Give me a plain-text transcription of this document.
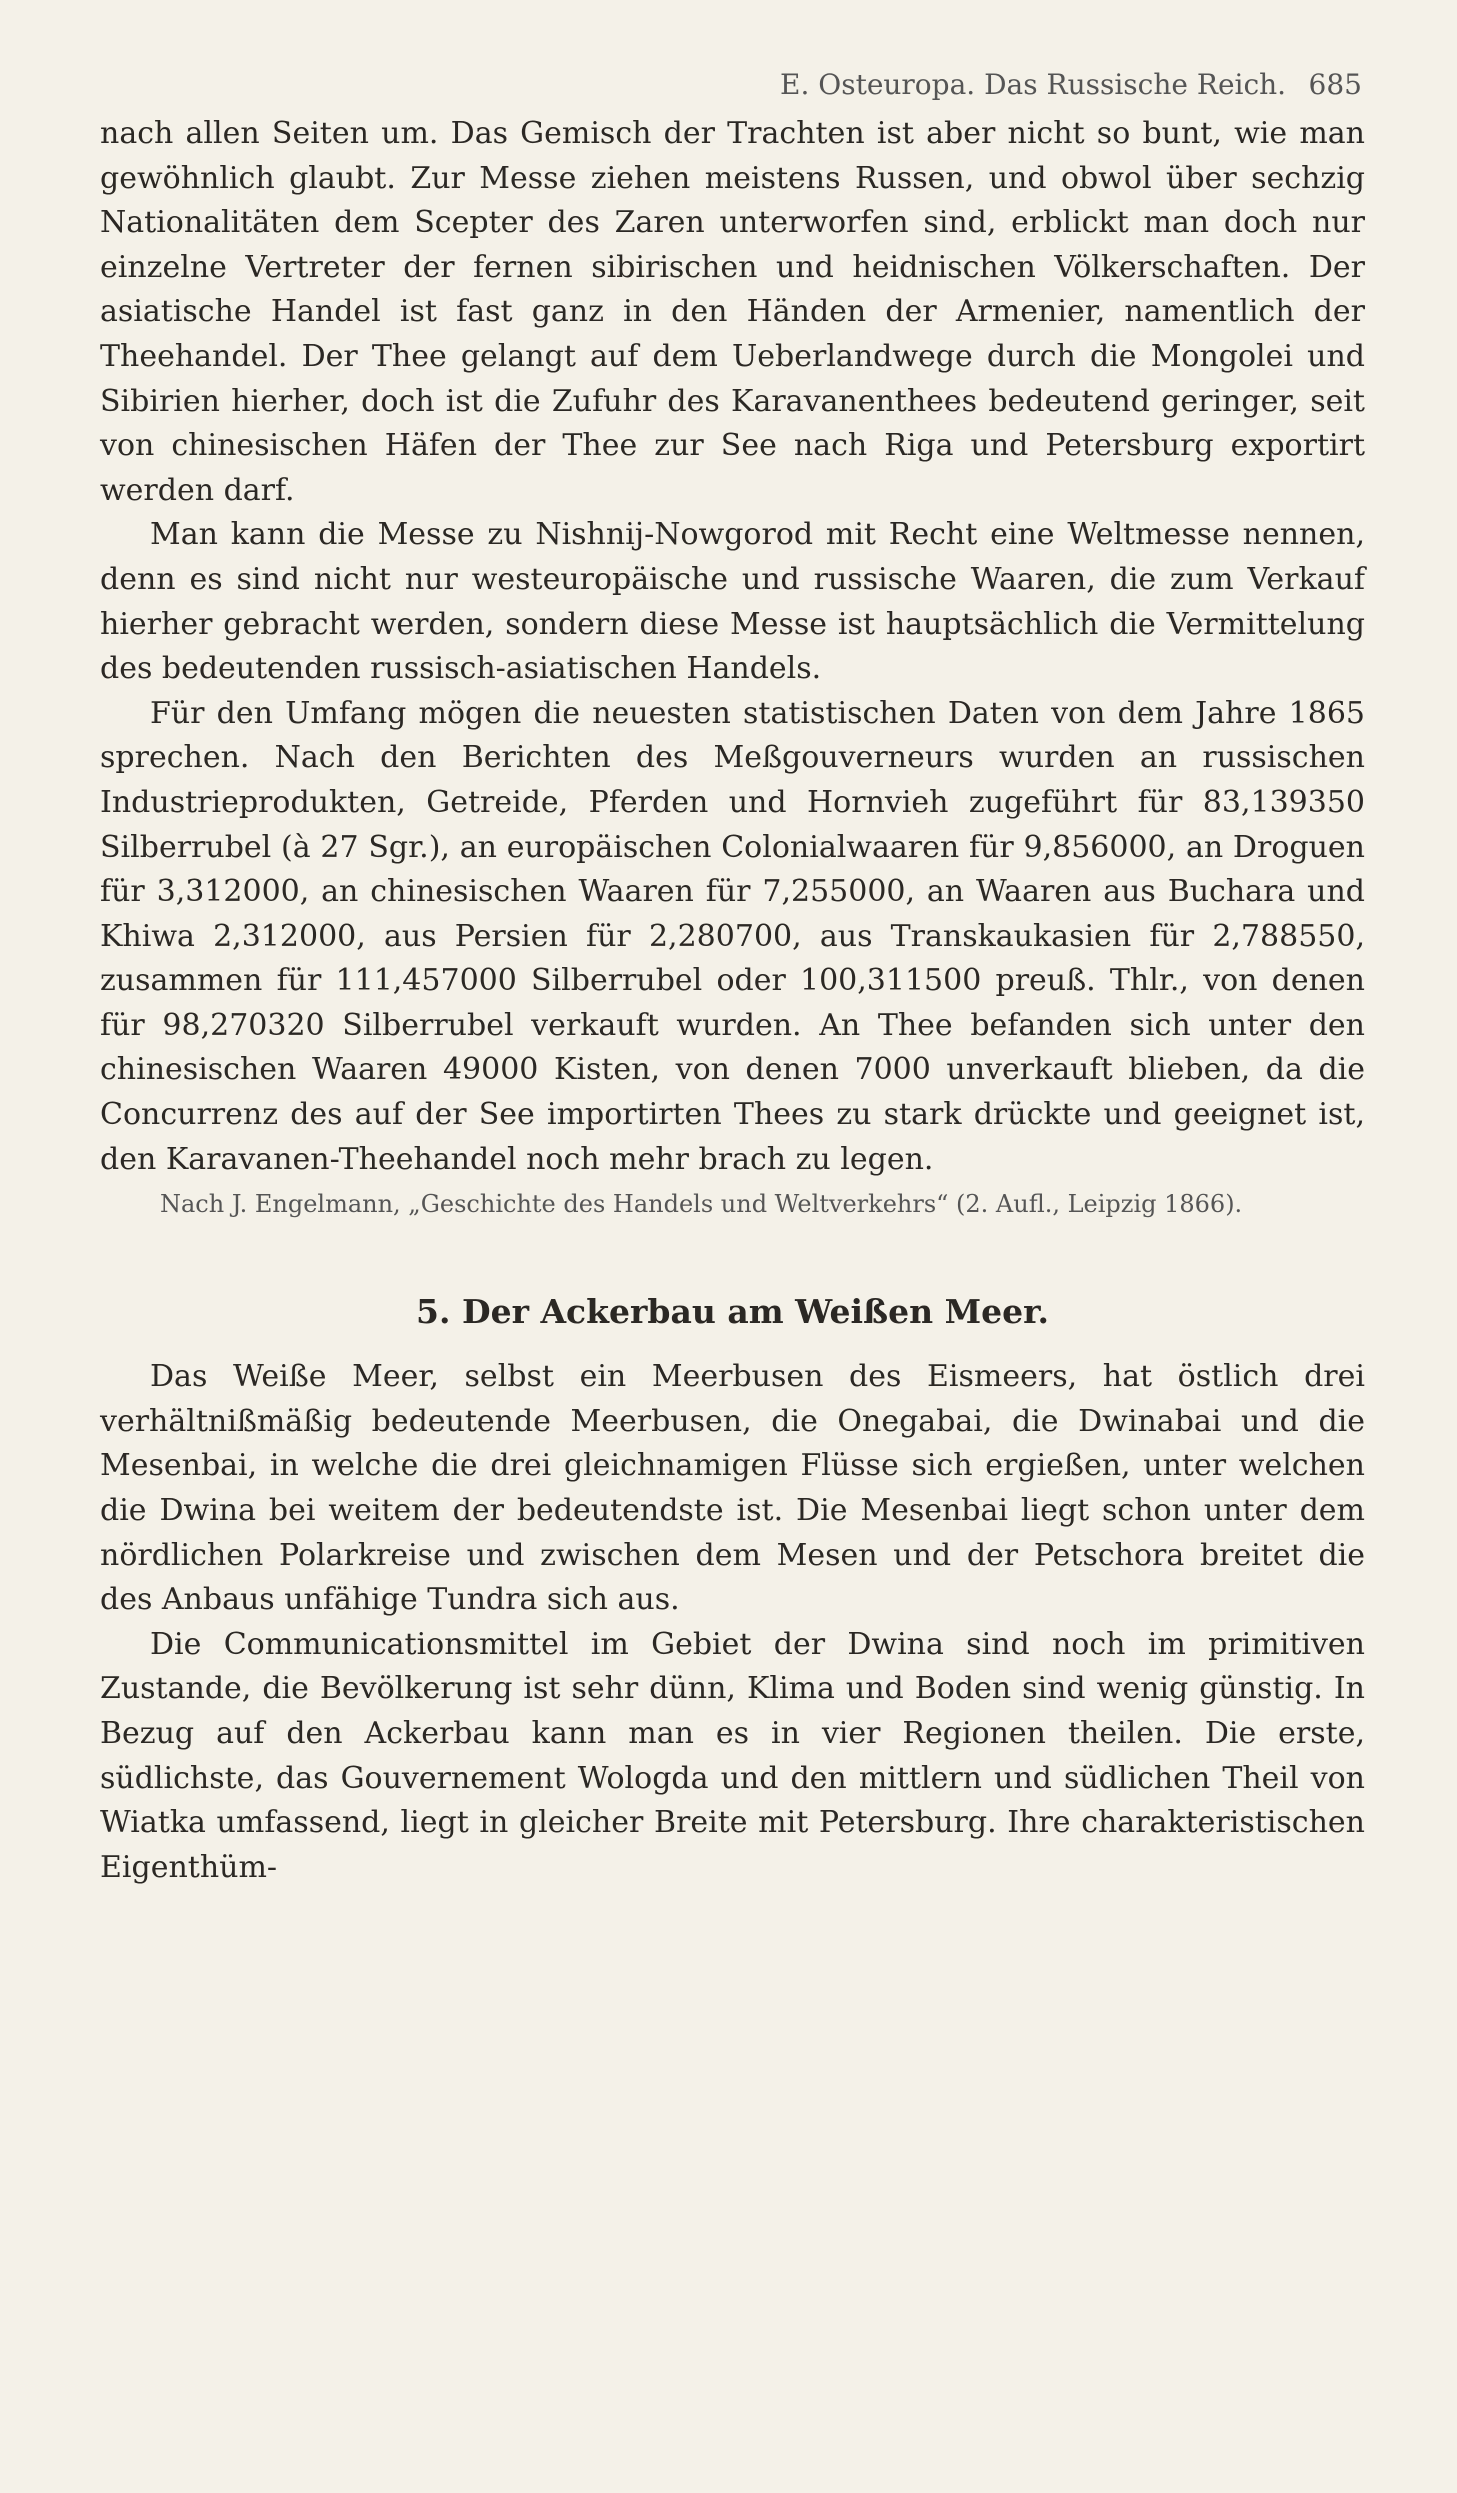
E. Osteuropa. Das Russische Reich. 685

nach allen Seiten um. Das Gemisch der Trachten ist aber nicht so bunt, wie man gewöhnlich glaubt. Zur Messe ziehen meistens Russen, und obwol über sechzig Nationalitäten dem Scepter des Zaren unterworfen sind, erblickt man doch nur einzelne Vertreter der fernen sibirischen und heidnischen Völkerschaften. Der asiatische Handel ist fast ganz in den Händen der Armenier, namentlich der Theehandel. Der Thee gelangt auf dem Ueberlandwege durch die Mongolei und Sibirien hierher, doch ist die Zufuhr des Karavanenthees bedeutend geringer, seit von chinesischen Häfen der Thee zur See nach Riga und Petersburg exportirt werden darf.

Man kann die Messe zu Nishnij-Nowgorod mit Recht eine Weltmesse nennen, denn es sind nicht nur westeuropäische und russische Waaren, die zum Verkauf hierher gebracht werden, sondern diese Messe ist hauptsächlich die Vermittelung des bedeutenden russisch-asiatischen Handels.

Für den Umfang mögen die neuesten statistischen Daten von dem Jahre 1865 sprechen. Nach den Berichten des Meßgouverneurs wurden an russischen Industrieprodukten, Getreide, Pferden und Hornvieh zugeführt für 83,139350 Silberrubel (à 27 Sgr.), an europäischen Colonialwaaren für 9,856000, an Droguen für 3,312000, an chinesischen Waaren für 7,255000, an Waaren aus Buchara und Khiwa 2,312000, aus Persien für 2,280700, aus Transkaukasien für 2,788550, zusammen für 111,457000 Silberrubel oder 100,311500 preuß. Thlr., von denen für 98,270320 Silberrubel verkauft wurden. An Thee befanden sich unter den chinesischen Waaren 49000 Kisten, von denen 7000 unverkauft blieben, da die Concurrenz des auf der See importirten Thees zu stark drückte und geeignet ist, den Karavanen-Theehandel noch mehr brach zu legen.

Nach J. Engelmann, „Geschichte des Handels und Weltverkehrs“ (2. Aufl., Leipzig 1866).
5. Der Ackerbau am Weißen Meer.

Das Weiße Meer, selbst ein Meerbusen des Eismeers, hat östlich drei verhältnißmäßig bedeutende Meerbusen, die Onegabai, die Dwinabai und die Mesenbai, in welche die drei gleichnamigen Flüsse sich ergießen, unter welchen die Dwina bei weitem der bedeutendste ist. Die Mesenbai liegt schon unter dem nördlichen Polarkreise und zwischen dem Mesen und der Petschora breitet die des Anbaus unfähige Tundra sich aus.

Die Communicationsmittel im Gebiet der Dwina sind noch im primitiven Zustande, die Bevölkerung ist sehr dünn, Klima und Boden sind wenig günstig. In Bezug auf den Ackerbau kann man es in vier Regionen theilen. Die erste, südlichste, das Gouvernement Wologda und den mittlern und südlichen Theil von Wiatka umfassend, liegt in gleicher Breite mit Petersburg. Ihre charakteristischen Eigenthüm-
